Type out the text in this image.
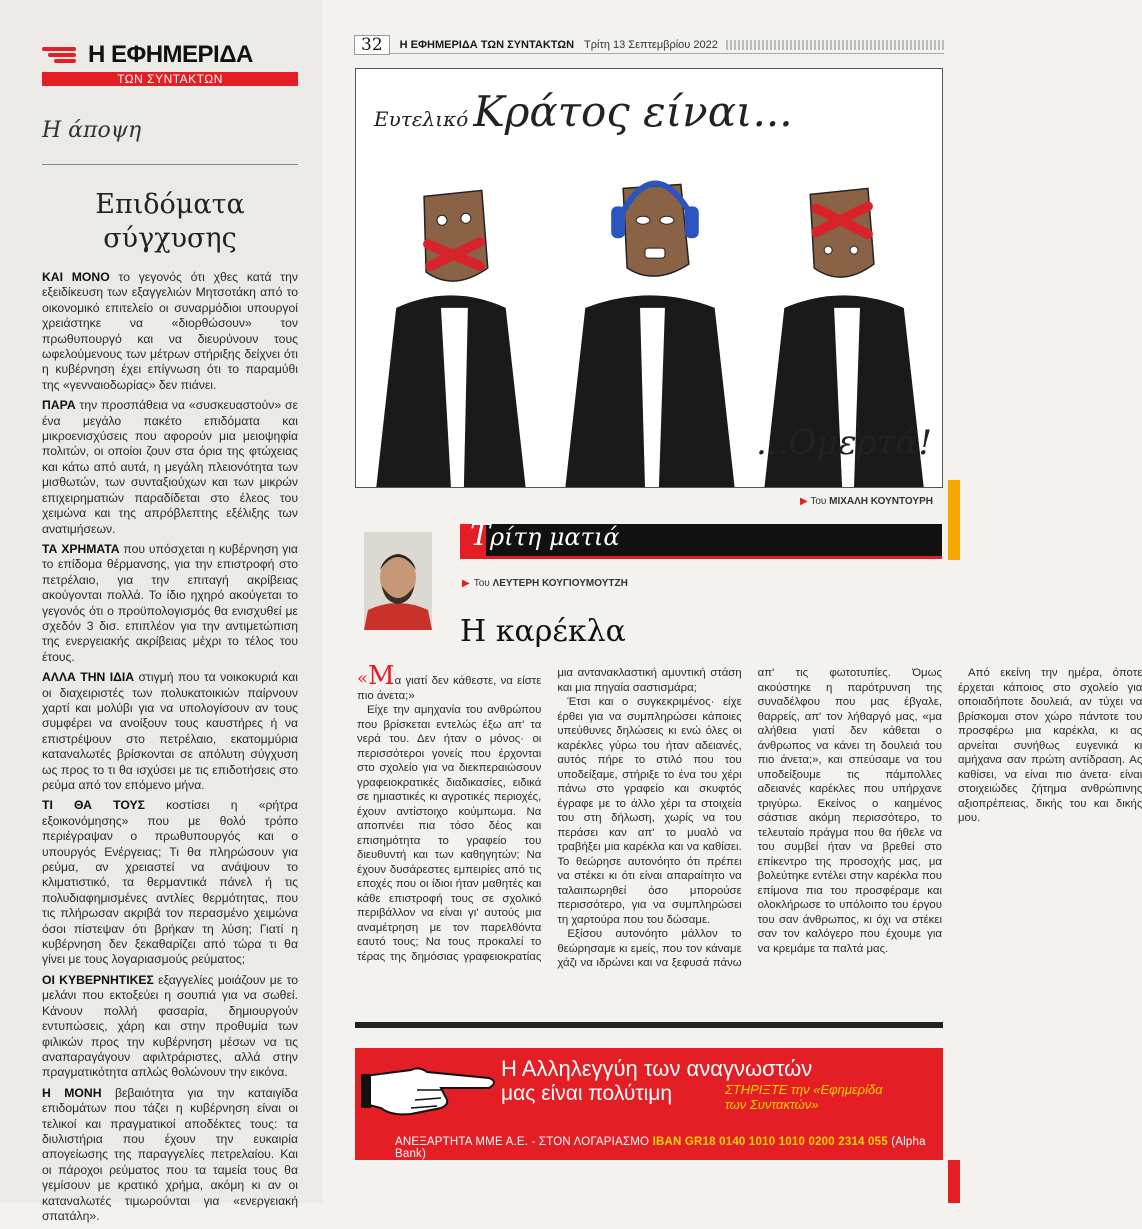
Η ΕΦΗΜΕΡΙΔΑ
ΤΩΝ ΣΥΝΤΑΚΤΩΝ
Η άποψη
Επιδόματα σύγχυσης

ΚΑΙ ΜΟΝΟ το γεγονός ότι χθες κατά την εξειδίκευση των εξαγγελιών Μητσοτάκη από το οικονομικό επιτελείο οι συναρμόδιοι υπουργοί χρειάστηκε να «διορθώσουν» τον πρωθυπουργό και να διευρύνουν τους ωφελούμενους των μέτρων στήριξης δείχνει ότι η κυβέρνηση έχει επίγνωση ότι το παραμύθι της «γενναιοδωρίας» δεν πιάνει.

ΠΑΡΑ την προσπάθεια να «συσκευαστούν» σε ένα μεγάλο πακέτο επιδόματα και μικροενισχύσεις που αφορούν μια μειοψηφία πολιτών, οι οποίοι ζουν στα όρια της φτώχειας και κάτω από αυτά, η μεγάλη πλειονότητα των μισθωτών, των συνταξιούχων και των μικρών επιχειρηματιών παραδίδεται στο έλεος του χειμώνα και της απρόβλεπτης εξέλιξης των ανατιμήσεων.

ΤΑ ΧΡΗΜΑΤΑ που υπόσχεται η κυβέρνηση για το επίδομα θέρμανσης, για την επιστροφή στο πετρέλαιο, για την επιταγή ακρίβειας ακούγονται πολλά. Το ίδιο ηχηρό ακούγεται το γεγονός ότι ο προϋπολογισμός θα ενισχυθεί με σχεδόν 3 δισ. επιπλέον για την αντιμετώπιση της ενεργειακής ακρίβειας μέχρι το τέλος του έτους.

ΑΛΛΑ ΤΗΝ ΙΔΙΑ στιγμή που τα νοικοκυριά και οι διαχειριστές των πολυκατοικιών παίρνουν χαρτί και μολύβι για να υπολογίσουν αν τους συμφέρει να ανοίξουν τους καυστήρες ή να επιστρέψουν στο πετρέλαιο, εκατομμύρια καταναλωτές βρίσκονται σε απόλυτη σύγχυση ως προς το τι θα ισχύσει με τις επιδοτήσεις στο ρεύμα από τον επόμενο μήνα.

ΤΙ ΘΑ ΤΟΥΣ κοστίσει η «ρήτρα εξοικονόμησης» που με θολό τρόπο περιέγραψαν ο πρωθυπουργός και ο υπουργός Ενέργειας; Τι θα πληρώσουν για ρεύμα, αν χρειαστεί να ανάψουν το κλιματιστικό, τα θερμαντικά πάνελ ή τις πολυδιαφημισμένες αντλίες θερμότητας, που τις πλήρωσαν ακριβά τον περασμένο χειμώνα όσοι πίστεψαν ότι βρήκαν τη λύση; Γιατί η κυβέρνηση δεν ξεκαθαρίζει από τώρα τι θα γίνει με τους λογαριασμούς ρεύματος;

ΟΙ ΚΥΒΕΡΝΗΤΙΚΕΣ εξαγγελίες μοιάζουν με το μελάνι που εκτοξεύει η σουπιά για να σωθεί. Κάνουν πολλή φασαρία, δημιουργούν εντυπώσεις, χάρη και στην προθυμία των φιλικών προς την κυβέρνηση μέσων να τις αναπαραγάγουν αφιλτράριστες, αλλά στην πραγματικότητα απλώς θολώνουν την εικόνα.

Η ΜΟΝΗ βεβαιότητα για την καταιγίδα επιδομάτων που τάζει η κυβέρνηση είναι οι τελικοί και πραγματικοί αποδέκτες τους: τα διυλιστήρια που έχουν την ευκαιρία απογείωσης της παραγγελίες πετρελαίου. Και οι πάροχοι ρεύματος που τα ταμεία τους θα γεμίσουν με κρατικό χρήμα, ακόμη κι αν οι καταναλωτές τιμωρούνται για «ενεργειακή σπατάλη».

32	Η ΕΦΗΜΕΡΙΔΑ ΤΩΝ ΣΥΝΤΑΚΤΩΝ Τρίτη 13 Σεπτεμβρίου 2022
Ευτελικό Κράτος είναι...
...Ομερτά!
▶ Του ΜΙΧΑΛΗ ΚΟΥΝΤΟΥΡΗ
Τρίτη ματιά
▶ Του ΛΕΥΤΕΡΗ ΚΟΥΓΙΟΥΜΟΥΤΖΗ
Η καρέκλα

«Μα γιατί δεν κάθεστε, να είστε πιο άνετα;»

Είχε την αμηχανία του ανθρώπου που βρίσκεται εντελώς έξω απ' τα νερά του. Δεν ήταν ο μόνος· οι περισσότεροι γονείς που έρχονται στο σχολείο για να διεκπεραιώσουν γραφειοκρατικές διαδικασίες, ειδικά σε ημιαστικές κι αγροτικές περιοχές, έχουν αντίστοιχο κούμπωμα. Να αποπνέει πια τόσο δέος και επισημότητα το γραφείο του διευθυντή και των καθηγητών; Να έχουν δυσάρεστες εμπειρίες από τις εποχές που οι ίδιοι ήταν μαθητές και κάθε επιστροφή τους σε σχολικό περιβάλλον να είναι γι' αυτούς μια αναμέτρηση με τον παρελθόντα εαυτό τους; Να τους προκαλεί το τέρας της δημόσιας γραφειοκρατίας μια αντανακλαστική αμυντική στάση και μια πηγαία σαστισμάρα;

Έτσι και ο συγκεκριμένος· είχε έρθει για να συμπληρώσει κάποιες υπεύθυνες δηλώσεις κι ενώ όλες οι καρέκλες γύρω του ήταν αδειανές, αυτός πήρε το στιλό που του υποδείξαμε, στήριξε το ένα του χέρι πάνω στο γραφείο και σκυφτός έγραφε με το άλλο χέρι τα στοιχεία του στη δήλωση, χωρίς να του περάσει καν απ' το μυαλό να τραβήξει μια καρέκλα και να καθίσει. Το θεώρησε αυτονόητο ότι πρέπει να στέκει κι ότι είναι απαραίτητο να ταλαιπωρηθεί όσο μπορούσε περισσότερο, για να συμπληρώσει τη χαρτούρα που του δώσαμε.

Εξίσου αυτονόητο μάλλον το θεώρησαμε κι εμείς, που τον κάναμε χάζι να ιδρώνει και να ξεφυσά πάνω απ' τις φωτοτυπίες. Όμως ακούστηκε η παρότρυνση της συναδέλφου που μας έβγαλε, θαρρείς, απ' τον λήθαργό μας, «μα αλήθεια γιατί δεν κάθεται ο άνθρωπος να κάνει τη δουλειά του πιο άνετα;», και σπεύσαμε να του υποδείξουμε τις πάμπολλες αδειανές καρέκλες που υπήρχανε τριγύρω. Εκείνος ο καημένος σάστισε ακόμη περισσότερο, το τελευταίο πράγμα που θα ήθελε να του συμβεί ήταν να βρεθεί στο επίκεντρο της προσοχής μας, μα βολεύτηκε εντέλει στην καρέκλα που επίμονα πια του προσφέραμε και ολοκλήρωσε το υπόλοιπο του έργου του σαν άνθρωπος, κι όχι να στέκει σαν τον καλόγερο που έχουμε για να κρεμάμε τα παλτά μας.

Από εκείνη την ημέρα, όποτε έρχεται κάποιος στο σχολείο για οποιαδήποτε δουλειά, αν τύχει να βρίσκομαι στον χώρο πάντοτε του προσφέρω μια καρέκλα, κι ας αρνείται συνήθως ευγενικά κι αμήχανα σαν πρώτη αντίδραση. Ας καθίσει, να είναι πιο άνετα· είναι στοιχειώδες ζήτημα ανθρώπινης αξιοπρέπειας, δικής του και δικής μου.

Η Αλληλεγγύη των αναγνωστών
μας είναι πολύτιμη	ΣΤΗΡΙΞΤΕ την «Εφημερίδα
των Συντακτών»
ΑΝΕΞΑΡΤΗΤΑ ΜΜΕ Α.Ε. - ΣΤΟΝ ΛΟΓΑΡΙΑΣΜΟ IBAN GR18 0140 1010 1010 0200 2314 055 (Alpha Bank)
